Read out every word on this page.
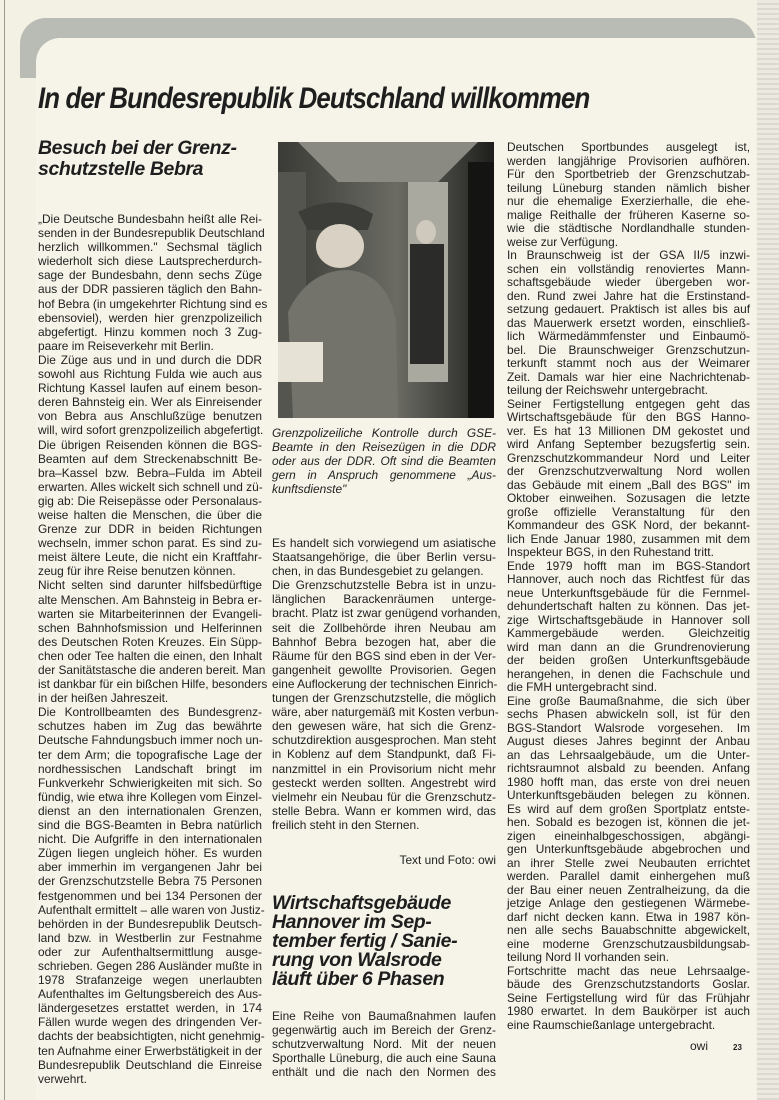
In der Bundesrepublik Deutschland willkommen
Besuch bei der Grenz-
schutzstelle Bebra
„Die Deutsche Bundesbahn heißt alle Rei-
senden in der Bundesrepublik Deutschland
herzlich willkommen." Sechsmal täglich
wiederholt sich diese Lautsprecherdurch-
sage der Bundesbahn, denn sechs Züge
aus der DDR passieren täglich den Bahn-
hof Bebra (in umgekehrter Richtung sind es
ebensoviel), werden hier grenzpolizeilich
abgefertigt. Hinzu kommen noch 3 Zug-
paare im Reiseverkehr mit Berlin.
Die Züge aus und in und durch die DDR
sowohl aus Richtung Fulda wie auch aus
Richtung Kassel laufen auf einem beson-
deren Bahnsteig ein. Wer als Einreisender
von Bebra aus Anschlußzüge benutzen
will, wird sofort grenzpolizeilich abgefertigt.
Die übrigen Reisenden können die BGS-
Beamten auf dem Streckenabschnitt Be-
bra–Kassel bzw. Bebra–Fulda im Abteil
erwarten. Alles wickelt sich schnell und zü-
gig ab: Die Reisepässe oder Personalaus-
weise halten die Menschen, die über die
Grenze zur DDR in beiden Richtungen
wechseln, immer schon parat. Es sind zu-
meist ältere Leute, die nicht ein Kraftfahr-
zeug für ihre Reise benutzen können.
Nicht selten sind darunter hilfsbedürftige
alte Menschen. Am Bahnsteig in Bebra er-
warten sie Mitarbeiterinnen der Evangeli-
schen Bahnhofsmission und Helferinnen
des Deutschen Roten Kreuzes. Ein Süpp-
chen oder Tee halten die einen, den Inhalt
der Sanitätstasche die anderen bereit. Man
ist dankbar für ein bißchen Hilfe, besonders
in der heißen Jahreszeit.
Die Kontrollbeamten des Bundesgrenz-
schutzes haben im Zug das bewährte
Deutsche Fahndungsbuch immer noch un-
ter dem Arm; die topografische Lage der
nordhessischen Landschaft bringt im
Funkverkehr Schwierigkeiten mit sich. So
fündig, wie etwa ihre Kollegen vom Einzel-
dienst an den internationalen Grenzen,
sind die BGS-Beamten in Bebra natürlich
nicht. Die Aufgriffe in den internationalen
Zügen liegen ungleich höher. Es wurden
aber immerhin im vergangenen Jahr bei
der Grenzschutzstelle Bebra 75 Personen
festgenommen und bei 134 Personen der
Aufenthalt ermittelt – alle waren von Justiz-
behörden in der Bundesrepublik Deutsch-
land bzw. in Westberlin zur Festnahme
oder zur Aufenthaltsermittlung ausge-
schrieben. Gegen 286 Ausländer mußte in
1978 Strafanzeige wegen unerlaubten
Aufenthaltes im Geltungsbereich des Aus-
ländergesetzes erstattet werden, in 174
Fällen wurde wegen des dringenden Ver-
dachts der beabsichtigten, nicht genehmig-
ten Aufnahme einer Erwerbstätigkeit in der
Bundesrepublik Deutschland die Einreise
verwehrt.
Grenzpolizeiliche Kontrolle durch GSE-
Beamte in den Reisezügen in die DDR
oder aus der DDR. Oft sind die Beamten
gern in Anspruch genommene „Aus-
kunftsdienste"
Es handelt sich vorwiegend um asiatische
Staatsangehörige, die über Berlin versu-
chen, in das Bundesgebiet zu gelangen.
Die Grenzschutzstelle Bebra ist in unzu-
länglichen Barackenräumen unterge-
bracht. Platz ist zwar genügend vorhanden,
seit die Zollbehörde ihren Neubau am
Bahnhof Bebra bezogen hat, aber die
Räume für den BGS sind eben in der Ver-
gangenheit gewollte Provisorien. Gegen
eine Auflockerung der technischen Einrich-
tungen der Grenzschutzstelle, die möglich
wäre, aber naturgemäß mit Kosten verbun-
den gewesen wäre, hat sich die Grenz-
schutzdirektion ausgesprochen. Man steht
in Koblenz auf dem Standpunkt, daß Fi-
nanzmittel in ein Provisorium nicht mehr
gesteckt werden sollten. Angestrebt wird
vielmehr ein Neubau für die Grenzschutz-
stelle Bebra. Wann er kommen wird, das
freilich steht in den Sternen.
Text und Foto: owi
Wirtschaftsgebäude
Hannover im Sep-
tember fertig / Sanie-
rung von Walsrode
läuft über 6 Phasen
Eine Reihe von Baumaßnahmen laufen
gegenwärtig auch im Bereich der Grenz-
schutzverwaltung Nord. Mit der neuen
Sporthalle Lüneburg, die auch eine Sauna
enthält und die nach den Normen des
Deutschen Sportbundes ausgelegt ist,
werden langjährige Provisorien aufhören.
Für den Sportbetrieb der Grenzschutzab-
teilung Lüneburg standen nämlich bisher
nur die ehemalige Exerzierhalle, die ehe-
malige Reithalle der früheren Kaserne so-
wie die städtische Nordlandhalle stunden-
weise zur Verfügung.
In Braunschweig ist der GSA II/5 inzwi-
schen ein vollständig renoviertes Mann-
schaftsgebäude wieder übergeben wor-
den. Rund zwei Jahre hat die Erstinstand-
setzung gedauert. Praktisch ist alles bis auf
das Mauerwerk ersetzt worden, einschließ-
lich Wärmedämmfenster und Einbaumö-
bel. Die Braunschweiger Grenzschutzun-
terkunft stammt noch aus der Weimarer
Zeit. Damals war hier eine Nachrichtenab-
teilung der Reichswehr untergebracht.
Seiner Fertigstellung entgegen geht das
Wirtschaftsgebäude für den BGS Hanno-
ver. Es hat 13 Millionen DM gekostet und
wird Anfang September bezugsfertig sein.
Grenzschutzkommandeur Nord und Leiter
der Grenzschutzverwaltung Nord wollen
das Gebäude mit einem „Ball des BGS" im
Oktober einweihen. Sozusagen die letzte
große offizielle Veranstaltung für den
Kommandeur des GSK Nord, der bekannt-
lich Ende Januar 1980, zusammen mit dem
Inspekteur BGS, in den Ruhestand tritt.
Ende 1979 hofft man im BGS-Standort
Hannover, auch noch das Richtfest für das
neue Unterkunftsgebäude für die Fernmel-
dehundertschaft halten zu können. Das jet-
zige Wirtschaftsgebäude in Hannover soll
Kammergebäude werden. Gleichzeitig
wird man dann an die Grundrenovierung
der beiden großen Unterkunftsgebäude
herangehen, in denen die Fachschule und
die FMH untergebracht sind.
Eine große Baumaßnahme, die sich über
sechs Phasen abwickeln soll, ist für den
BGS-Standort Walsrode vorgesehen. Im
August dieses Jahres beginnt der Anbau
an das Lehrsaalgebäude, um die Unter-
richtsraumnot alsbald zu beenden. Anfang
1980 hofft man, das erste von drei neuen
Unterkunftsgebäuden belegen zu können.
Es wird auf dem großen Sportplatz entste-
hen. Sobald es bezogen ist, können die jet-
zigen eineinhalbgeschossigen, abgängi-
gen Unterkunftsgebäude abgebrochen und
an ihrer Stelle zwei Neubauten errichtet
werden. Parallel damit einhergehen muß
der Bau einer neuen Zentralheizung, da die
jetzige Anlage den gestiegenen Wärmebe-
darf nicht decken kann. Etwa in 1987 kön-
nen alle sechs Bauabschnitte abgewickelt,
eine moderne Grenzschutzausbildungsab-
teilung Nord II vorhanden sein.
Fortschritte macht das neue Lehrsaalge-
bäude des Grenzschutzstandorts Goslar.
Seine Fertigstellung wird für das Frühjahr
1980 erwartet. In dem Baukörper ist auch
eine Raumschießanlage untergebracht.
owi	23
